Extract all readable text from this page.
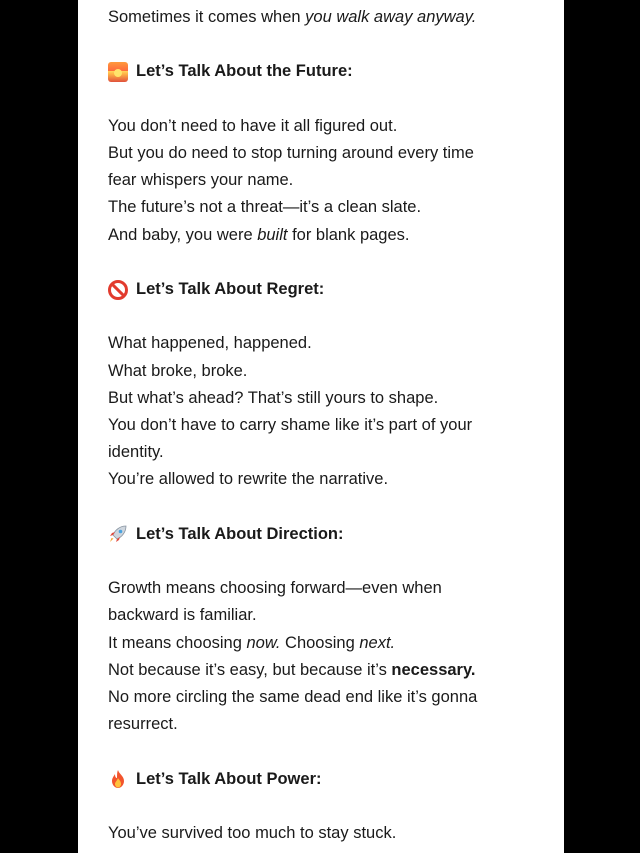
Sometimes it comes when you walk away anyway.
Let’s Talk About the Future:
You don’t need to have it all figured out.
But you do need to stop turning around every time
fear whispers your name.
The future’s not a threat—it’s a clean slate.
And baby, you were built for blank pages.
Let’s Talk About Regret:
What happened, happened.
What broke, broke.
But what’s ahead? That’s still yours to shape.
You don’t have to carry shame like it’s part of your
identity.
You’re allowed to rewrite the narrative.
Let’s Talk About Direction:
Growth means choosing forward—even when
backward is familiar.
It means choosing now. Choosing next.
Not because it’s easy, but because it’s necessary.
No more circling the same dead end like it’s gonna
resurrect.
Let’s Talk About Power:
You’ve survived too much to stay stuck.
